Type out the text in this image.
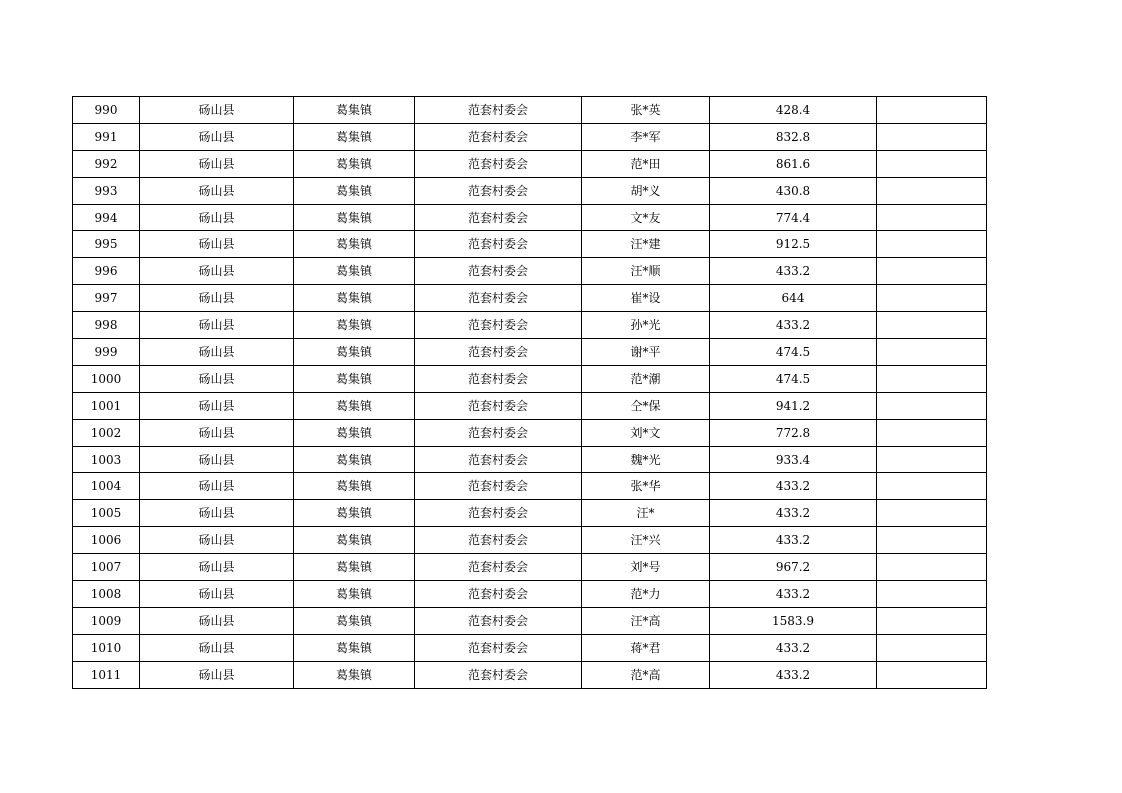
990	砀山县	葛集镇	范套村委会	张*英	428.4	
991	砀山县	葛集镇	范套村委会	李*军	832.8	
992	砀山县	葛集镇	范套村委会	范*田	861.6	
993	砀山县	葛集镇	范套村委会	胡*义	430.8	
994	砀山县	葛集镇	范套村委会	文*友	774.4	
995	砀山县	葛集镇	范套村委会	汪*建	912.5	
996	砀山县	葛集镇	范套村委会	汪*顺	433.2	
997	砀山县	葛集镇	范套村委会	崔*设	644	
998	砀山县	葛集镇	范套村委会	孙*光	433.2	
999	砀山县	葛集镇	范套村委会	谢*平	474.5	
1000	砀山县	葛集镇	范套村委会	范*潮	474.5	
1001	砀山县	葛集镇	范套村委会	仝*保	941.2	
1002	砀山县	葛集镇	范套村委会	刘*文	772.8	
1003	砀山县	葛集镇	范套村委会	魏*光	933.4	
1004	砀山县	葛集镇	范套村委会	张*华	433.2	
1005	砀山县	葛集镇	范套村委会	汪*	433.2	
1006	砀山县	葛集镇	范套村委会	汪*兴	433.2	
1007	砀山县	葛集镇	范套村委会	刘*号	967.2	
1008	砀山县	葛集镇	范套村委会	范*力	433.2	
1009	砀山县	葛集镇	范套村委会	汪*高	1583.9	
1010	砀山县	葛集镇	范套村委会	蒋*君	433.2	
1011	砀山县	葛集镇	范套村委会	范*高	433.2	
